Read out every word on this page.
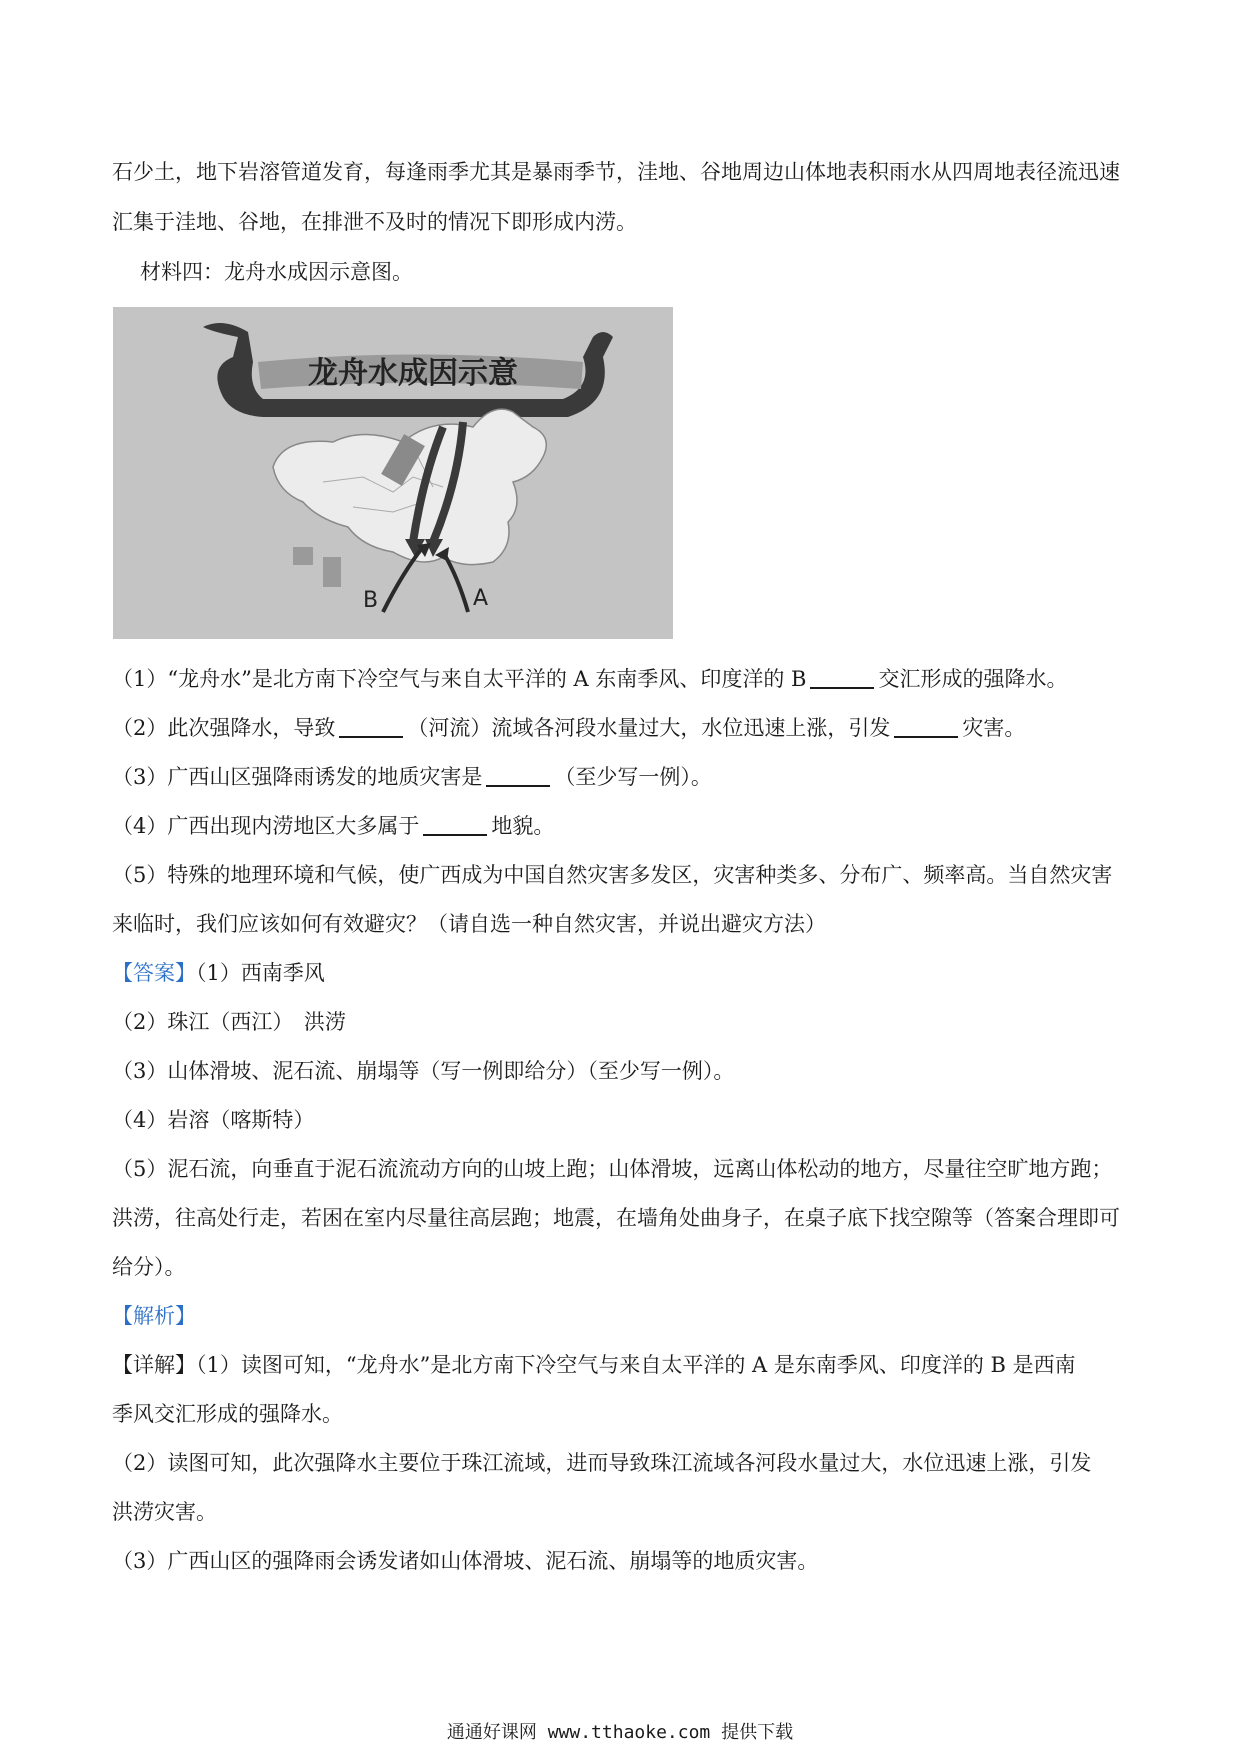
石少土，地下岩溶管道发育，每逢雨季尤其是暴雨季节，洼地、谷地周边山体地表积雨水从四周地表径流迅速
汇集于洼地、谷地，在排泄不及时的情况下即形成内涝。
材料四：龙舟水成因示意图。
龙舟水成因示意
B	A
（1）“龙舟水”是北方南下冷空气与来自太平洋的 A 东南季风、印度洋的 B	交汇形成的强降水。
（2）此次强降水，导致	（河流）流域各河段水量过大，水位迅速上涨，引发	灾害。
（3）广西山区强降雨诱发的地质灾害是	（至少写一例）。
（4）广西出现内涝地区大多属于	地貌。
（5）特殊的地理环境和气候，使广西成为中国自然灾害多发区，灾害种类多、分布广、频率高。当自然灾害
来临时，我们应该如何有效避灾？（请自选一种自然灾害，并说出避灾方法）
【答案】（1）西南季风
（2）珠江（西江）　洪涝
（3）山体滑坡、泥石流、崩塌等（写一例即给分）（至少写一例）。
（4）岩溶（喀斯特）
（5）泥石流，向垂直于泥石流流动方向的山坡上跑；山体滑坡，远离山体松动的地方，尽量往空旷地方跑；
洪涝，往高处行走，若困在室内尽量往高层跑；地震，在墙角处曲身子，在桌子底下找空隙等（答案合理即可
给分）。
【解析】
【详解】（1）读图可知，“龙舟水”是北方南下冷空气与来自太平洋的 A 是东南季风、印度洋的 B 是西南
季风交汇形成的强降水。
（2）读图可知，此次强降水主要位于珠江流域，进而导致珠江流域各河段水量过大，水位迅速上涨，引发
洪涝灾害。
（3）广西山区的强降雨会诱发诸如山体滑坡、泥石流、崩塌等的地质灾害。
通通好课网 www.tthaoke.com 提供下载
